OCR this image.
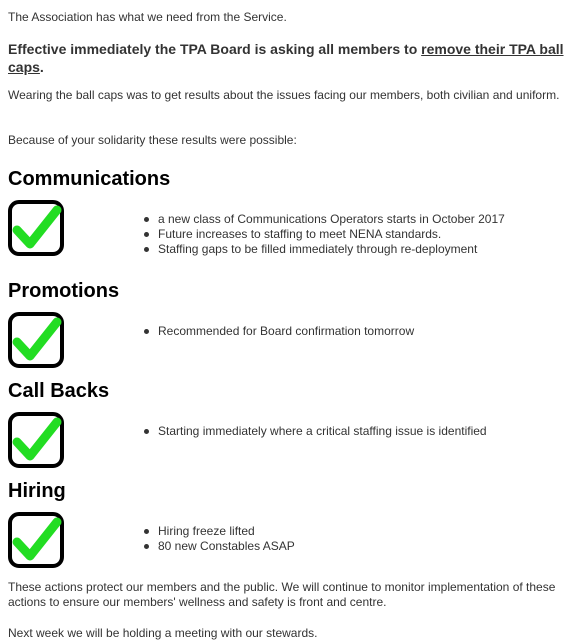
The Association has what we need from the Service.

Effective immediately the TPA Board is asking all members to remove their TPA ball caps.

Wearing the ball caps was to get results about the issues facing our members, both civilian and uniform.

Because of your solidarity these results were possible:

Communications
a new class of Communications Operators starts in October 2017
Future increases to staffing to meet NENA standards.
Staffing gaps to be filled immediately through re-deployment
Promotions
Recommended for Board confirmation tomorrow
Call Backs
Starting immediately where a critical staffing issue is identified
Hiring
Hiring freeze lifted
80 new Constables ASAP

These actions protect our members and the public. We will continue to monitor implementation of these actions to ensure our members' wellness and safety is front and centre.

Next week we will be holding a meeting with our stewards.
